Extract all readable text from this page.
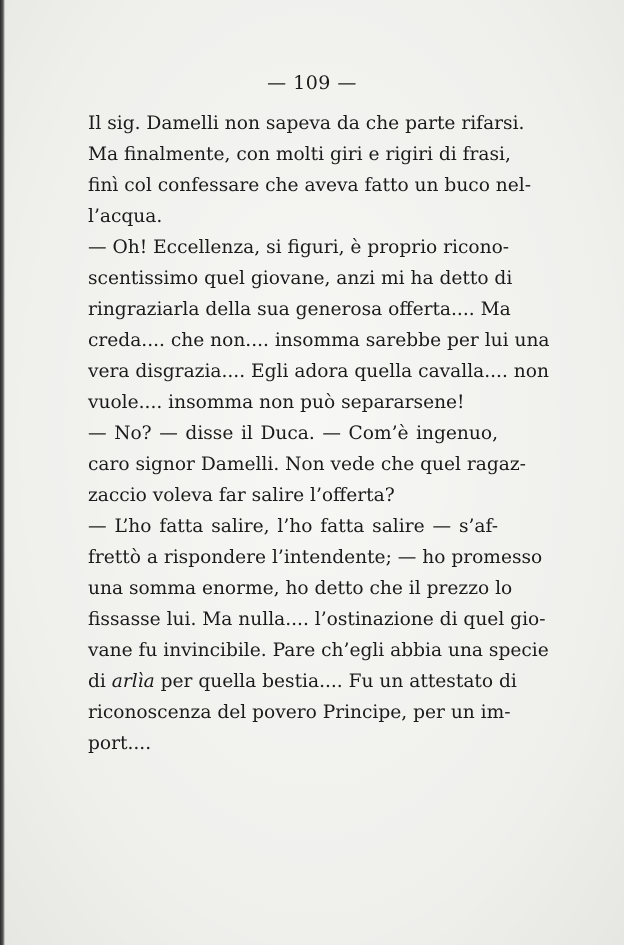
— 109 —
Il sig. Damelli non sapeva da che parte rifarsi.
Ma finalmente, con molti giri e rigiri di frasi,
finì col confessare che aveva fatto un buco nel-
l’acqua.
— Oh! Eccellenza, si figuri, è proprio ricono-
scentissimo quel giovane, anzi mi ha detto di
ringraziarla della sua generosa offerta.... Ma
creda.... che non.... insomma sarebbe per lui una
vera disgrazia.... Egli adora quella cavalla.... non
vuole.... insomma non può separarsene!
— No? — disse il Duca. — Com’è ingenuo,
caro signor Damelli. Non vede che quel ragaz-
zaccio voleva far salire l’offerta?
— L’ho fatta salire, l’ho fatta salire — s’af-
frettò a rispondere l’intendente; — ho promesso
una somma enorme, ho detto che il prezzo lo
fissasse lui. Ma nulla.... l’ostinazione di quel gio-
vane fu invincibile. Pare ch’egli abbia una specie
di arlìa per quella bestia.... Fu un attestato di
riconoscenza del povero Principe, per un im-
port....
